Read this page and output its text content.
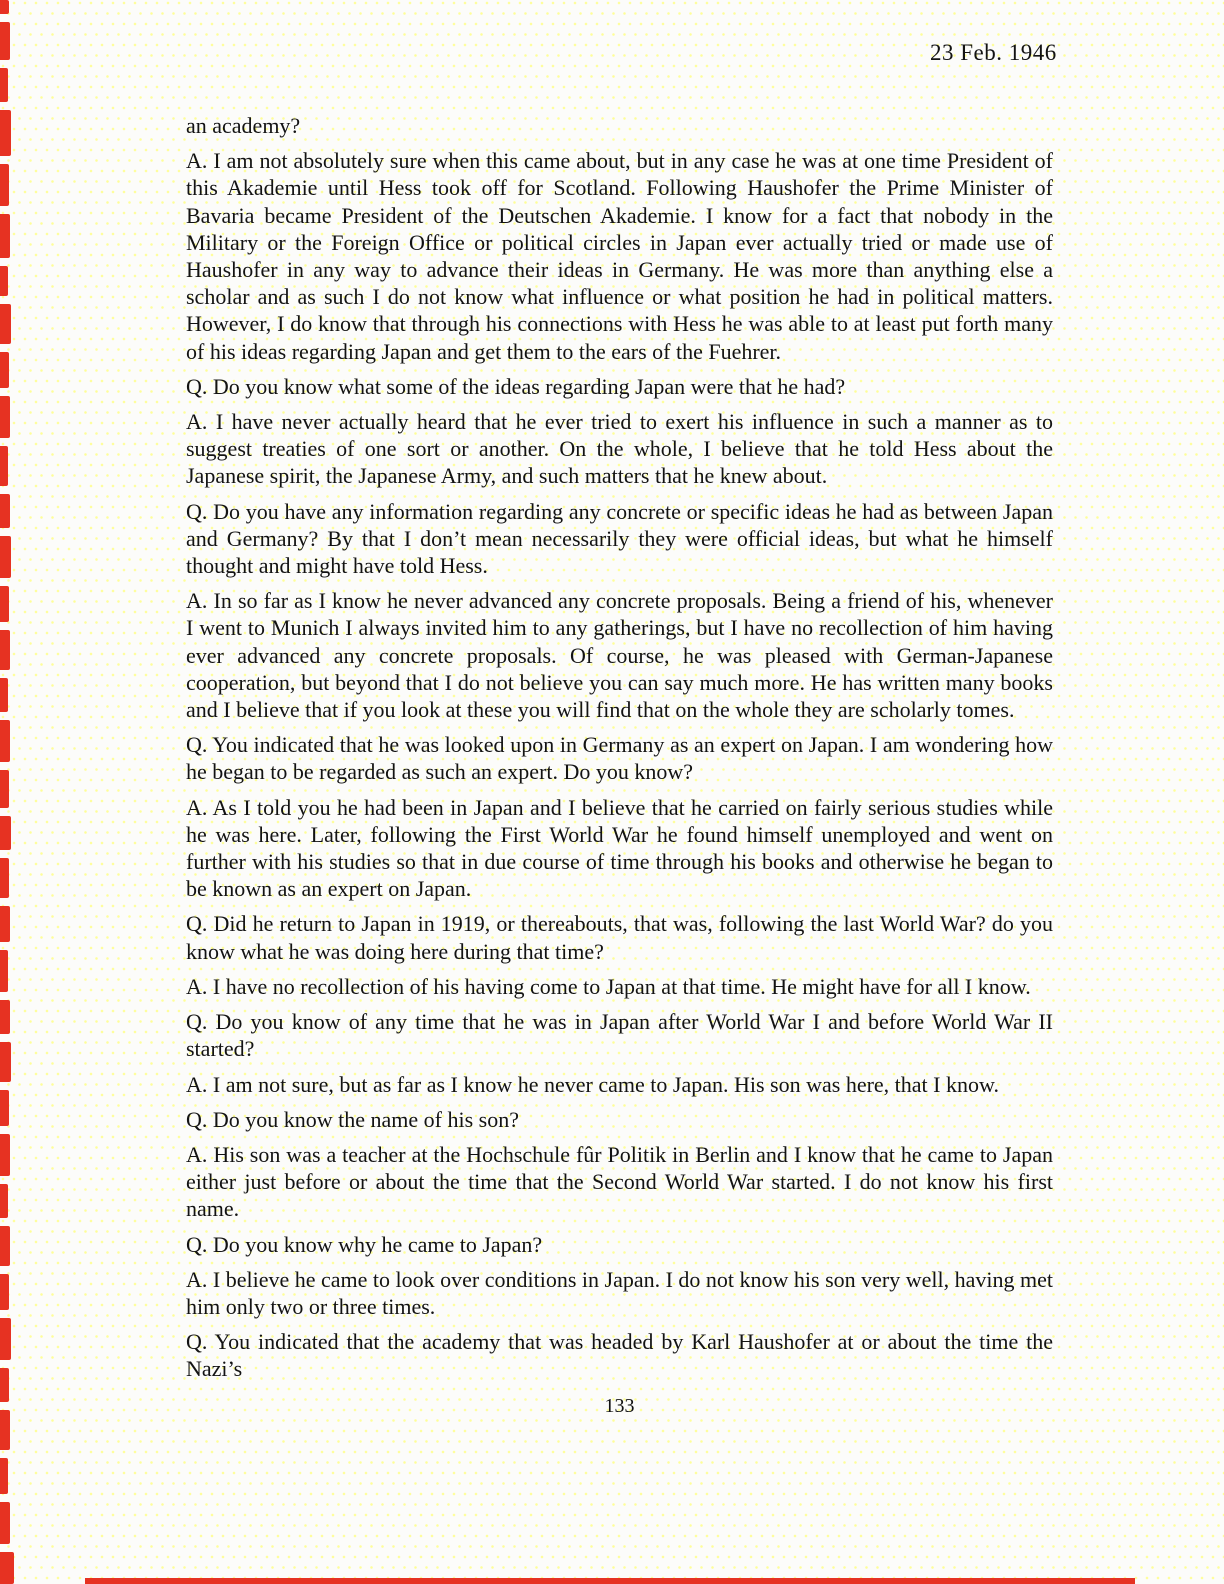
23 Feb. 1946

an academy?

A. I am not absolutely sure when this came about, but in any case he was at one time President of this Akademie until Hess took off for Scotland. Following Haushofer the Prime Minister of Bavaria became President of the Deutschen Akademie. I know for a fact that nobody in the Military or the Foreign Office or political circles in Japan ever actually tried or made use of Haushofer in any way to advance their ideas in Germany. He was more than anything else a scholar and as such I do not know what influence or what position he had in political matters. However, I do know that through his connections with Hess he was able to at least put forth many of his ideas regarding Japan and get them to the ears of the Fuehrer.

Q. Do you know what some of the ideas regarding Japan were that he had?

A. I have never actually heard that he ever tried to exert his influence in such a manner as to suggest treaties of one sort or another. On the whole, I believe that he told Hess about the Japanese spirit, the Japanese Army, and such matters that he knew about.

Q. Do you have any information regarding any concrete or specific ideas he had as between Japan and Germany? By that I don’t mean necessarily they were official ideas, but what he himself thought and might have told Hess.

A. In so far as I know he never advanced any concrete proposals. Being a friend of his, whenever I went to Munich I always invited him to any gatherings, but I have no recollection of him having ever advanced any concrete proposals. Of course, he was pleased with German-Japanese cooperation, but beyond that I do not believe you can say much more. He has written many books and I believe that if you look at these you will find that on the whole they are scholarly tomes.

Q. You indicated that he was looked upon in Germany as an expert on Japan. I am wondering how he began to be regarded as such an expert. Do you know?

A. As I told you he had been in Japan and I believe that he carried on fairly serious studies while he was here. Later, following the First World War he found himself unemployed and went on further with his studies so that in due course of time through his books and otherwise he began to be known as an expert on Japan.

Q. Did he return to Japan in 1919, or thereabouts, that was, following the last World War? do you know what he was doing here during that time?

A. I have no recollection of his having come to Japan at that time. He might have for all I know.

Q. Do you know of any time that he was in Japan after World War I and before World War II started?

A. I am not sure, but as far as I know he never came to Japan. His son was here, that I know.

Q. Do you know the name of his son?

A. His son was a teacher at the Hochschule fûr Politik in Berlin and I know that he came to Japan either just before or about the time that the Second World War started. I do not know his first name.

Q. Do you know why he came to Japan?

A. I believe he came to look over conditions in Japan. I do not know his son very well, having met him only two or three times.

Q. You indicated that the academy that was headed by Karl Haushofer at or about the time the Nazi’s

133
